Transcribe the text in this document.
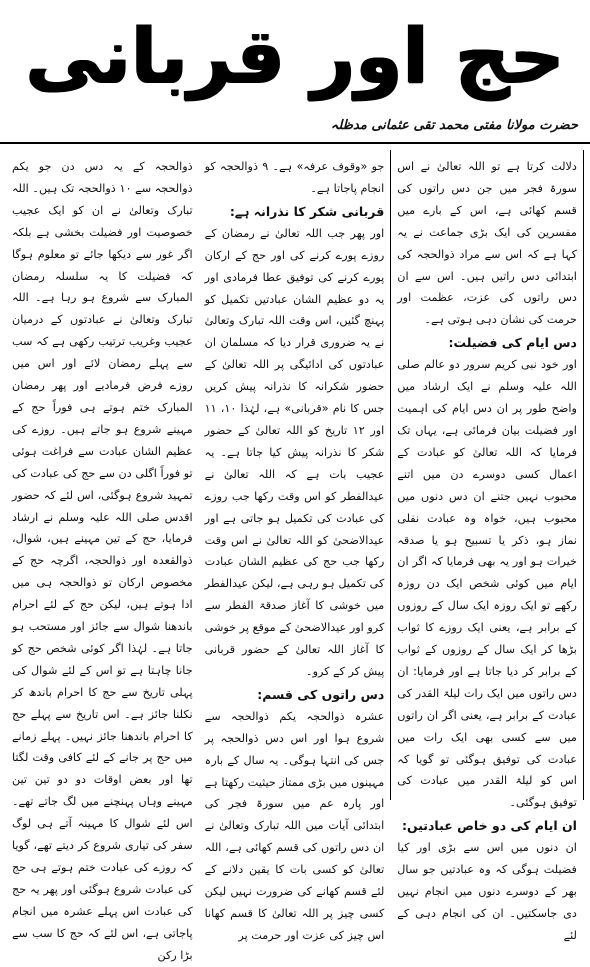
حج اور قربانی
حضرت مولانا مفتی محمد تقی عثمانی مدظلہ

ذوالحجہ کے یہ دس دن جو یکم ذوالحجہ سے ۱۰ ذوالحجہ تک ہیں۔ اللہ تبارک وتعالیٰ نے ان کو ایک عجیب خصوصیت اور فضیلت بخشی ہے بلکہ اگر غور سے دیکھا جائے تو معلوم ہوگا کہ فضیلت کا یہ سلسلہ رمضان المبارک سے شروع ہو رہا ہے۔ اللہ تبارک وتعالیٰ نے عبادتوں کے درمیان عجیب وغریب ترتیب رکھی ہے کہ سب سے پہلے رمضان لائے اور اس میں روزے فرض فرمادیے اور پھر رمضان المبارک ختم ہوتے ہی فوراً حج کے مہینے شروع ہو جاتے ہیں۔ روزے کی عظیم الشان عبادت سے فراغت ہوئی تو فوراً اگلی دن سے حج کی عبادت کی تمہید شروع ہوگئی، اس لئے کہ حضور اقدس صلی اللہ علیہ وسلم نے ارشاد فرمایا، حج کے تین مہینے ہیں، شوال، ذوالقعدہ اور ذوالحجہ، اگرچہ حج کے مخصوص ارکان تو ذوالحجہ ہی میں ادا ہوتے ہیں، لیکن حج کے لئے احرام باندھنا شوال سے جائز اور مستحب ہو جاتا ہے۔ لہٰذا اگر کوئی شخص حج کو جانا چاہتا ہے تو اس کے لئے شوال کی پہلی تاریخ سے حج کا احرام باندھ کر نکلنا جائز ہے۔ اس تاریخ سے پہلے حج کا احرام باندھنا جائز نہیں۔ پہلے زمانے میں حج پر جانے کے لئے کافی وقت لگتا تھا اور بعض اوقات دو دو تین تین مہینے وہاں پہنچنے میں لگ جاتے تھے۔ اس لئے شوال کا مہینہ آتے ہی لوگ سفر کی تیاری شروع کر دیتے تھے، گویا کہ روزے کی عبادت ختم ہوتے ہی حج کی عبادت شروع ہوگئی اور پھر یہ حج کی عبادت اس پہلے عشرہ میں انجام پاجاتی ہے، اس لئے کہ حج کا سب سے بڑا رکن

جو «وقوف عرفہ» ہے۔ ۹ ذوالحجہ کو انجام پاجاتا ہے۔

قربانی شکر کا نذرانہ ہے:

اور پھر جب اللہ تعالیٰ نے رمضان کے روزے پورے کرنے کی اور حج کے ارکان پورے کرنے کی توفیق عطا فرمادی اور یہ دو عظیم الشان عبادتیں تکمیل کو پہنچ گئیں، اس وقت اللہ تبارک وتعالیٰ نے یہ ضروری قرار دیا کہ مسلمان ان عبادتوں کی ادائیگی پر اللہ تعالیٰ کے حضور شکرانہ کا نذرانہ پیش کریں جس کا نام «قربانی» ہے، لہٰذا ۱۰، ۱۱ اور ۱۲ تاریخ کو اللہ تعالیٰ کے حضور شکر کا نذرانہ پیش کیا جاتا ہے۔ یہ عجیب بات ہے کہ اللہ تعالیٰ نے عیدالفطر کو اس وقت رکھا جب روزے کی عبادت کی تکمیل ہو جاتی ہے اور عیدالاضحیٰ کو اللہ تعالیٰ نے اس وقت رکھا جب حج کی عظیم الشان عبادت کی تکمیل ہو رہی ہے، لیکن عیدالفطر میں خوشی کا آغاز صدقۃ الفطر سے کرو اور عیدالاضحیٰ کے موقع پر خوشی کا آغاز اللہ تعالیٰ کے حضور قربانی پیش کر کے کرو۔

دس راتوں کی قسم:

عشرہ ذوالحجہ یکم ذوالحجہ سے شروع ہوا اور اس دس ذوالحجہ پر جس کی انتہا ہوگی۔ یہ سال کے بارہ مہینوں میں بڑی ممتاز حیثیت رکھتا ہے اور پارہ عم میں سورۃ فجر کی ابتدائی آیات میں اللہ تبارک وتعالیٰ نے ان دس راتوں کی قسم کھائی ہے، اللہ تعالیٰ کو کسی بات کا یقین دلانے کے لئے قسم کھانے کی ضرورت نہیں لیکن کسی چیز پر اللہ تعالیٰ کا قسم کھانا اس چیز کی عزت اور حرمت پر

دلالت کرتا ہے تو اللہ تعالیٰ نے اس سورۃ فجر میں جن دس راتوں کی قسم کھائی ہے، اس کے بارے میں مفسرین کی ایک بڑی جماعت نے یہ کہا ہے کہ اس سے مراد ذوالحجہ کی ابتدائی دس راتیں ہیں۔ اس سے ان دس راتوں کی عزت، عظمت اور حرمت کی نشان دہی ہوتی ہے۔

دس ایام کی فضیلت:

اور خود نبی کریم سرور دو عالم صلی اللہ علیہ وسلم نے ایک ارشاد میں واضح طور پر ان دس ایام کی اہمیت اور فضیلت بیان فرمائی ہے، یہاں تک فرمایا کہ اللہ تعالیٰ کو عبادت کے اعمال کسی دوسرے دن میں اتنے محبوب نہیں جتنے ان دس دنوں میں محبوب ہیں، خواہ وہ عبادت نفلی نماز ہو، ذکر یا تسبیح ہو یا صدقہ خیرات ہو اور یہ بھی فرمایا کہ اگر ان ایام میں کوئی شخص ایک دن روزہ رکھے تو ایک روزہ ایک سال کے روزوں کے برابر ہے، یعنی ایک روزے کا ثواب بڑھا کر ایک سال کے روزوں کے ثواب کے برابر کر دیا جاتا ہے اور فرمایا: ان دس راتوں میں ایک رات لیلۃ القدر کی عبادت کے برابر ہے، یعنی اگر ان راتوں میں سے کسی بھی ایک رات میں عبادت کی توفیق ہوگئی تو گویا کہ اس کو لیلۃ القدر میں عبادت کی توفیق ہوگئی۔

ان ایام کی دو خاص عبادتیں:

ان دنوں میں اس سے بڑی اور کیا فضیلت ہوگی کہ وہ عبادتیں جو سال بھر کے دوسرے دنوں میں انجام نہیں دی جاسکتیں۔ ان کی انجام دہی کے لئے
